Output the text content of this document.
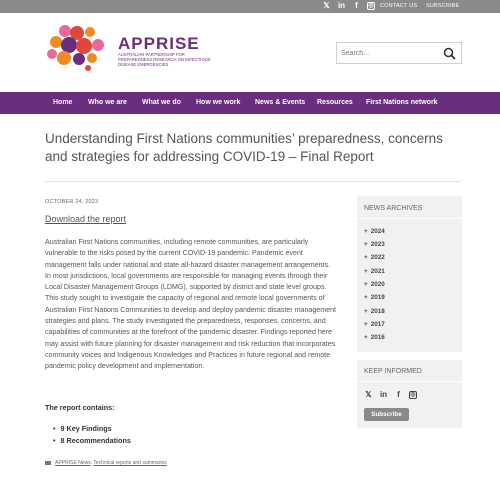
𝕏 in	f	◎ CONTACT US SUBSCRIBE
APPRISE
AUSTRALIAN PARTNERSHIP FOR PREPAREDNESS RESEARCH ON INFECTIOUS DISEASE EMERGENCIES
Search...
Home Who we are What we do How we work News & Events Resources First Nations network
Understanding First Nations communities’ preparedness, concerns and strategies for addressing COVID-19 – Final Report
OCTOBER 24, 2023
Download the report

Australian First Nations communities, including remote communities, are particularly vulnerable to the risks posed by the current COVID-19 pandemic. Pandemic event management falls under national and state all-hazard disaster management arrangements. In most jurisdictions, local governments are responsible for managing events through their Local Disaster Management Groups (LDMG), supported by district and state level groups. This study sought to investigate the capacity of regional and remote local governments of Australian First Nations Communities to develop and deploy pandemic disaster management strategies and plans. The study investigated the preparedness, responses, concerns, and capabilities of communities at the forefront of the pandemic disaster. Findings reported here may assist with future planning for disaster management and risk reduction that incorporates community voices and Indigenous Knowledges and Practices in future regional and remote pandemic policy development and implementation.

The report contains:
• 9 Key Findings
• 8 Recommendations
APPRISE News, Technical reports and summaries
NEWS ARCHIVES
+ 2024
+ 2023
+ 2022
+ 2021
+ 2020
+ 2019
+ 2018
+ 2017
+ 2016
KEEP INFORMED
𝕏 in	f	◎
Subscribe
